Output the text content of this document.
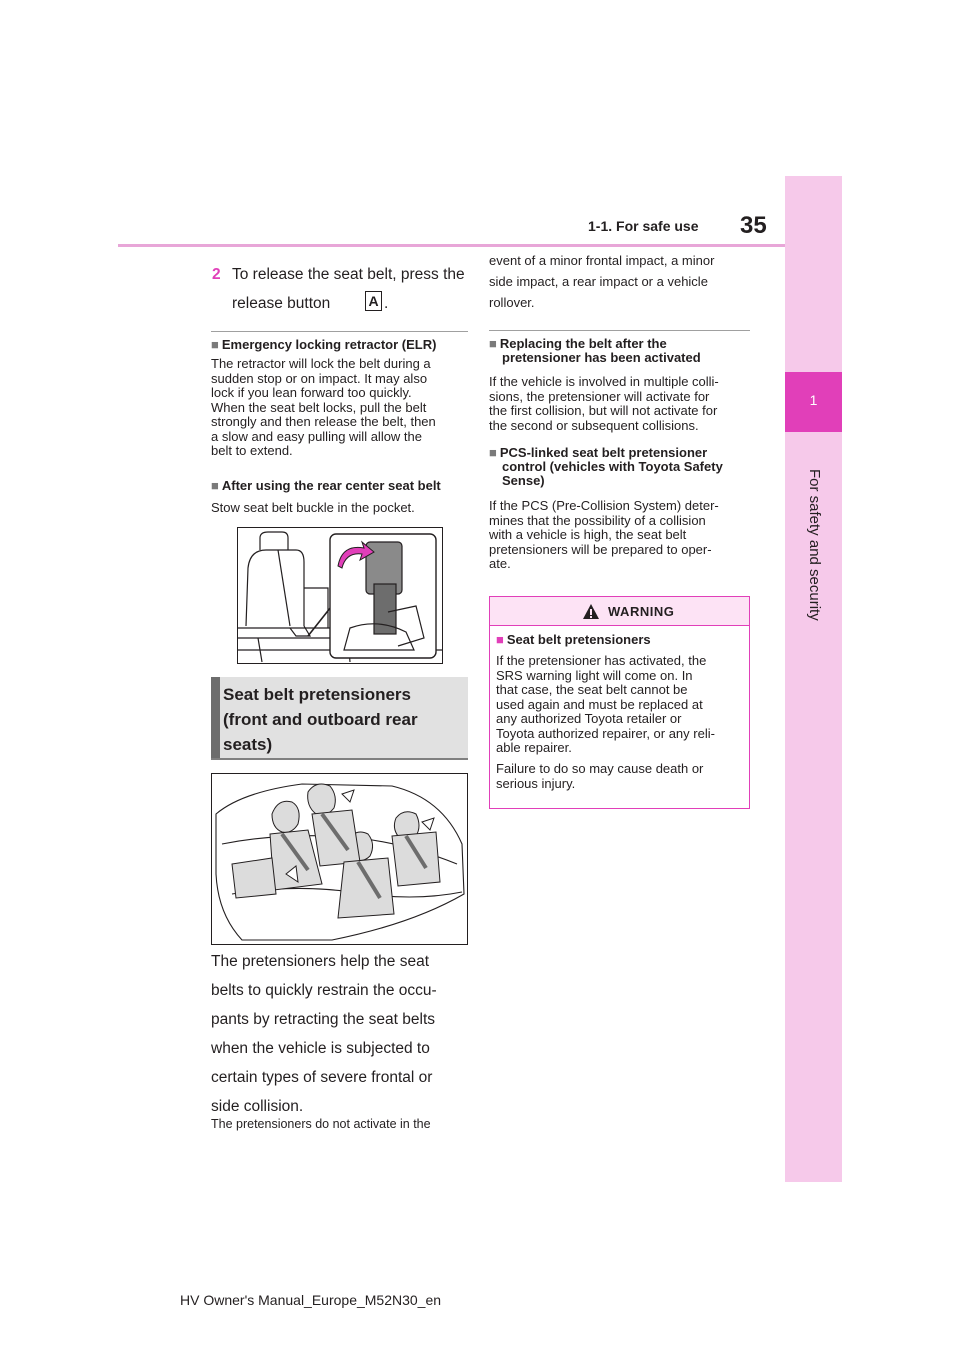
35
1-1. For safe use
1
For safety and security
2 To release the seat belt, press the release button	A .
■ Emergency locking retractor (ELR)
The retractor will lock the belt during a
sudden stop or on impact. It may also
lock if you lean forward too quickly.
When the seat belt locks, pull the belt
strongly and then release the belt, then
a slow and easy pulling will allow the
belt to extend.
■ After using the rear center seat belt
Stow seat belt buckle in the pocket.
Seat belt pretensioners
(front and outboard rear
seats)
The pretensioners help the seat
belts to quickly restrain the occu-
pants by retracting the seat belts
when the vehicle is subjected to
certain types of severe frontal or
side collision.
The pretensioners do not activate in the
event of a minor frontal impact, a minor
side impact, a rear impact or a vehicle
rollover.
■ Replacing the belt after the
pretensioner has been activated
If the vehicle is involved in multiple colli-
sions, the pretensioner will activate for
the first collision, but will not activate for
the second or subsequent collisions.
■ PCS-linked seat belt pretensioner
control (vehicles with Toyota Safety
Sense)
If the PCS (Pre-Collision System) deter-
mines that the possibility of a collision
with a vehicle is high, the seat belt
pretensioners will be prepared to oper-
ate.
WARNING
■ Seat belt pretensioners
If the pretensioner has activated, the
SRS warning light will come on. In
that case, the seat belt cannot be
used again and must be replaced at
any authorized Toyota retailer or
Toyota authorized repairer, or any reli-
able repairer.
Failure to do so may cause death or
serious injury.
HV Owner's Manual_Europe_M52N30_en
